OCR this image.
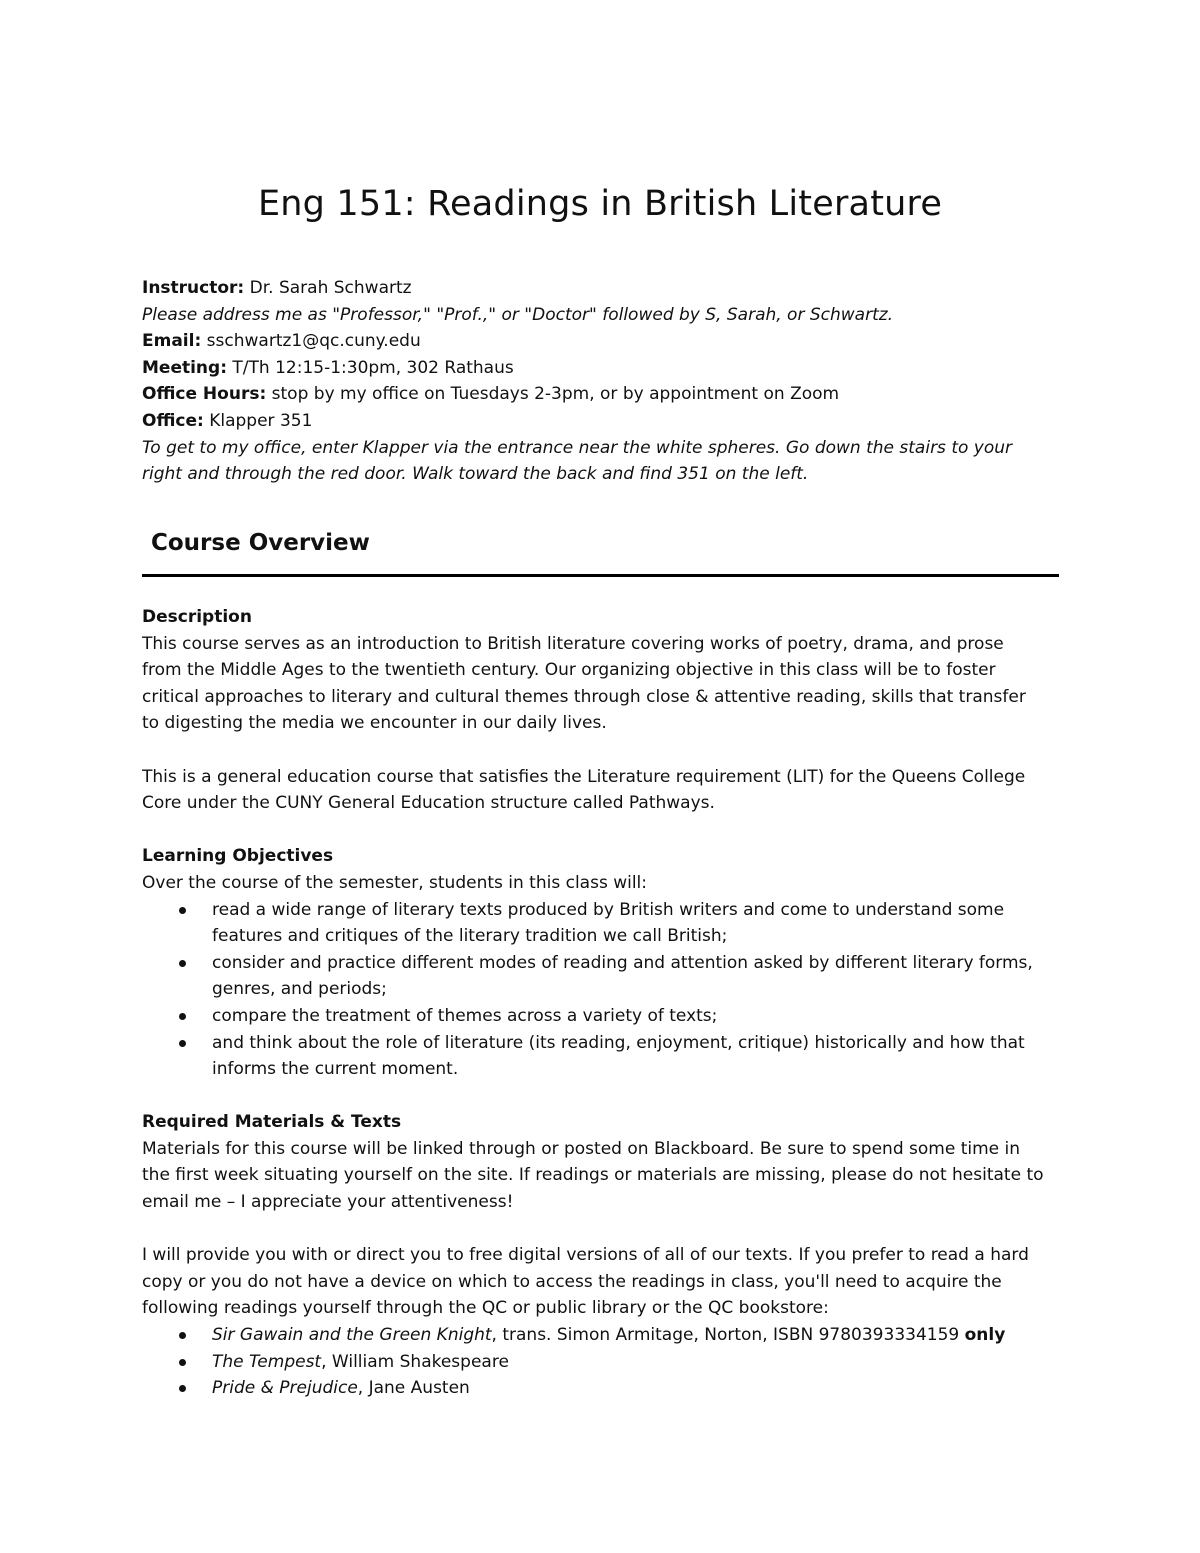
Eng 151: Readings in British Literature
Instructor: Dr. Sarah Schwartz
Please address me as "Professor," "Prof.," or "Doctor" followed by S, Sarah, or Schwartz.
Email: sschwartz1@qc.cuny.edu
Meeting: T/Th 12:15-1:30pm, 302 Rathaus
Office Hours: stop by my office on Tuesdays 2-3pm, or by appointment on Zoom
Office: Klapper 351
To get to my office, enter Klapper via the entrance near the white spheres. Go down the stairs to your
right and through the red door. Walk toward the back and find 351 on the left.
Course Overview
Description
This course serves as an introduction to British literature covering works of poetry, drama, and prose
from the Middle Ages to the twentieth century. Our organizing objective in this class will be to foster
critical approaches to literary and cultural themes through close & attentive reading, skills that transfer
to digesting the media we encounter in our daily lives.
This is a general education course that satisfies the Literature requirement (LIT) for the Queens College
Core under the CUNY General Education structure called Pathways.
Learning Objectives
Over the course of the semester, students in this class will:
read a wide range of literary texts produced by British writers and come to understand some
features and critiques of the literary tradition we call British;
consider and practice different modes of reading and attention asked by different literary forms,
genres, and periods;
compare the treatment of themes across a variety of texts;
and think about the role of literature (its reading, enjoyment, critique) historically and how that
informs the current moment.
Required Materials & Texts
Materials for this course will be linked through or posted on Blackboard. Be sure to spend some time in
the first week situating yourself on the site. If readings or materials are missing, please do not hesitate to
email me – I appreciate your attentiveness!
I will provide you with or direct you to free digital versions of all of our texts. If you prefer to read a hard
copy or you do not have a device on which to access the readings in class, you'll need to acquire the
following readings yourself through the QC or public library or the QC bookstore:
Sir Gawain and the Green Knight, trans. Simon Armitage, Norton, ISBN 9780393334159 only
The Tempest, William Shakespeare
Pride & Prejudice, Jane Austen
